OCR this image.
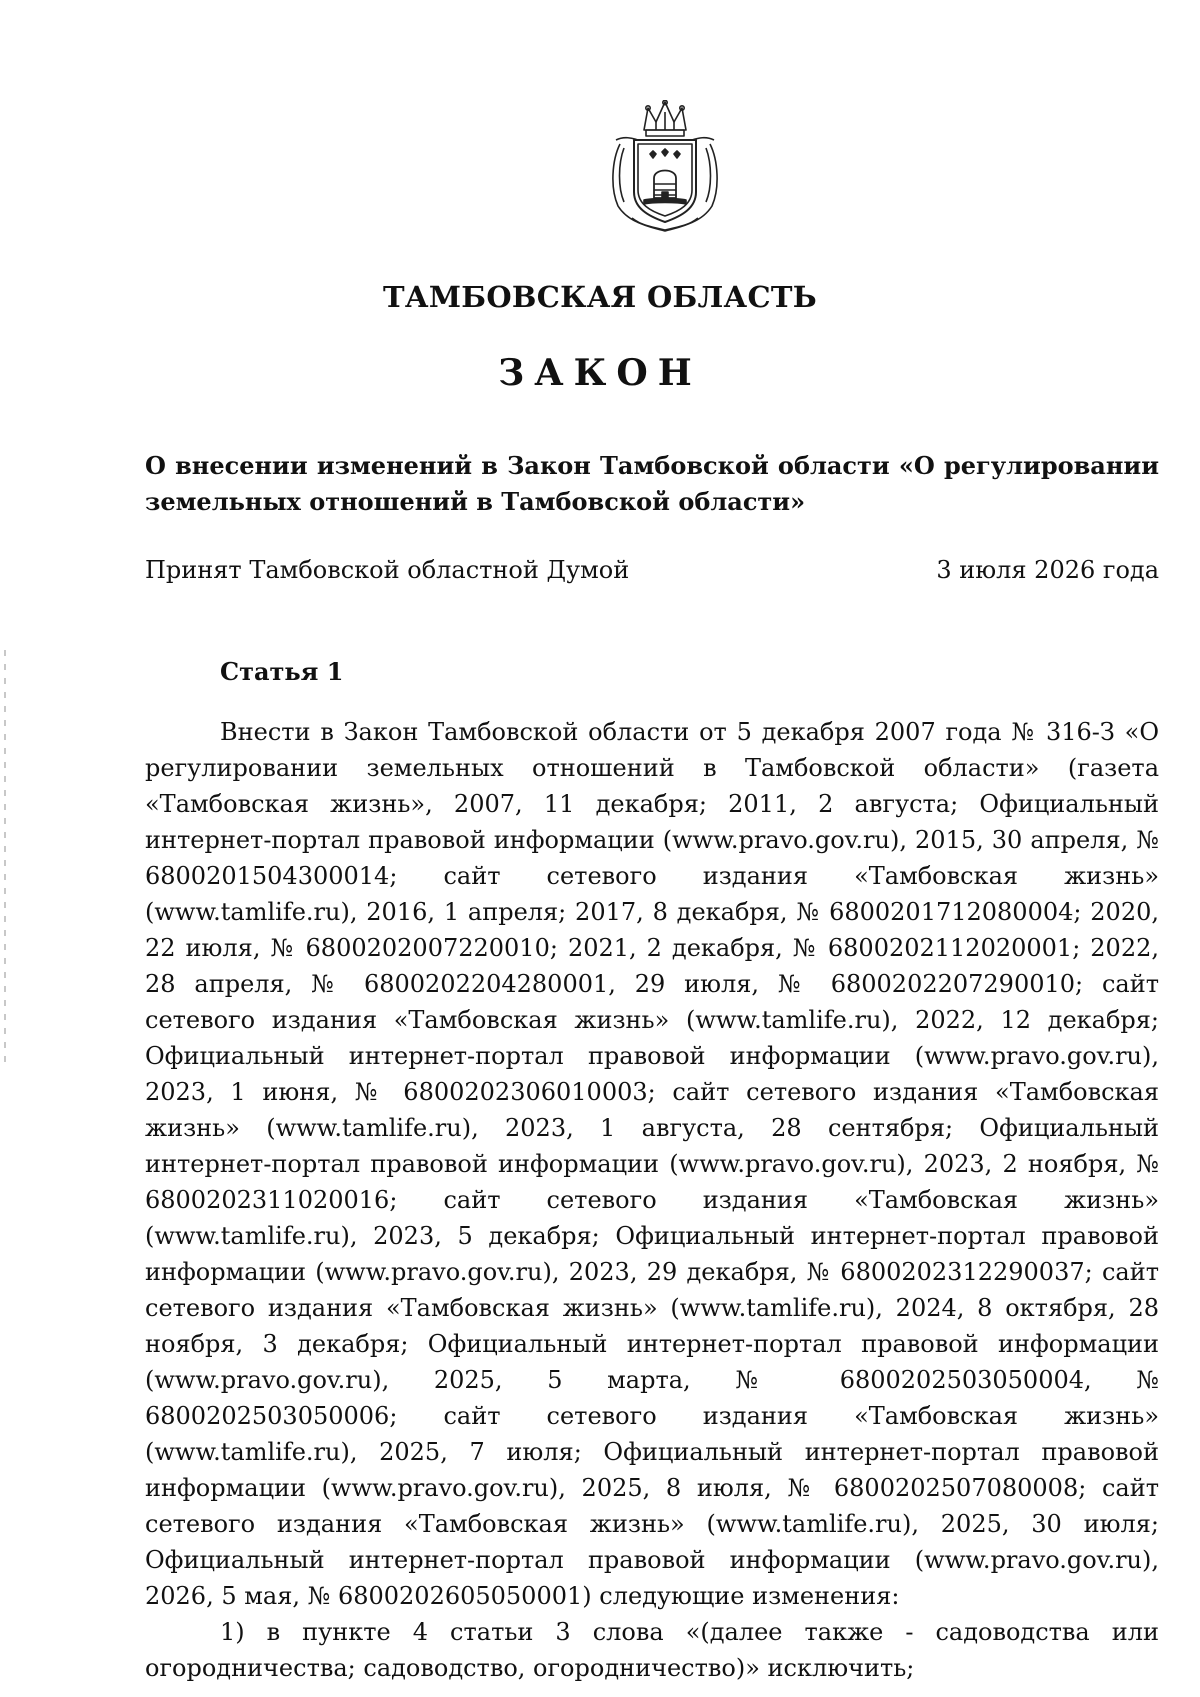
ТАМБОВСКАЯ ОБЛАСТЬ
ЗАКОН
О внесении изменений в Закон Тамбовской области «О регулировании земельных отношений в Тамбовской области»
Принят Тамбовской областной Думой	3 июля 2026 года
Статья 1

Внести в Закон Тамбовской области от 5 декабря 2007 года № 316-З «О регулировании земельных отношений в Тамбовской области» (газета «Тамбовская жизнь», 2007, 11 декабря; 2011, 2 августа; Официальный интернет-портал правовой информации (www.pravo.gov.ru), 2015, 30 апреля, № 6800201504300014; сайт сетевого издания «Тамбовская жизнь» (www.tamlife.ru), 2016, 1 апреля; 2017, 8 декабря, № 6800201712080004; 2020, 22 июля, № 6800202007220010; 2021, 2 декабря, № 6800202112020001; 2022, 28 апреля, № 6800202204280001, 29 июля, № 6800202207290010; сайт сетевого издания «Тамбовская жизнь» (www.tamlife.ru), 2022, 12 декабря; Официальный интернет-портал правовой информации (www.pravo.gov.ru), 2023, 1 июня, № 6800202306010003; сайт сетевого издания «Тамбовская жизнь» (www.tamlife.ru), 2023, 1 августа, 28 сентября; Официальный интернет-портал правовой информации (www.pravo.gov.ru), 2023, 2 ноября, № 6800202311020016; сайт сетевого издания «Тамбовская жизнь» (www.tamlife.ru), 2023, 5 декабря; Официальный интернет-портал правовой информации (www.pravo.gov.ru), 2023, 29 декабря, № 6800202312290037; сайт сетевого издания «Тамбовская жизнь» (www.tamlife.ru), 2024, 8 октября, 28 ноября, 3 декабря; Официальный интернет-портал правовой информации (www.pravo.gov.ru), 2025, 5 марта, № 6800202503050004, № 6800202503050006; сайт сетевого издания «Тамбовская жизнь» (www.tamlife.ru), 2025, 7 июля; Официальный интернет-портал правовой информации (www.pravo.gov.ru), 2025, 8 июля, № 6800202507080008; сайт сетевого издания «Тамбовская жизнь» (www.tamlife.ru), 2025, 30 июля; Официальный интернет-портал правовой информации (www.pravo.gov.ru), 2026, 5 мая, № 6800202605050001) следующие изменения:

1) в пункте 4 статьи 3 слова «(далее также - садоводства или огородничества; садоводство, огородничество)» исключить;
